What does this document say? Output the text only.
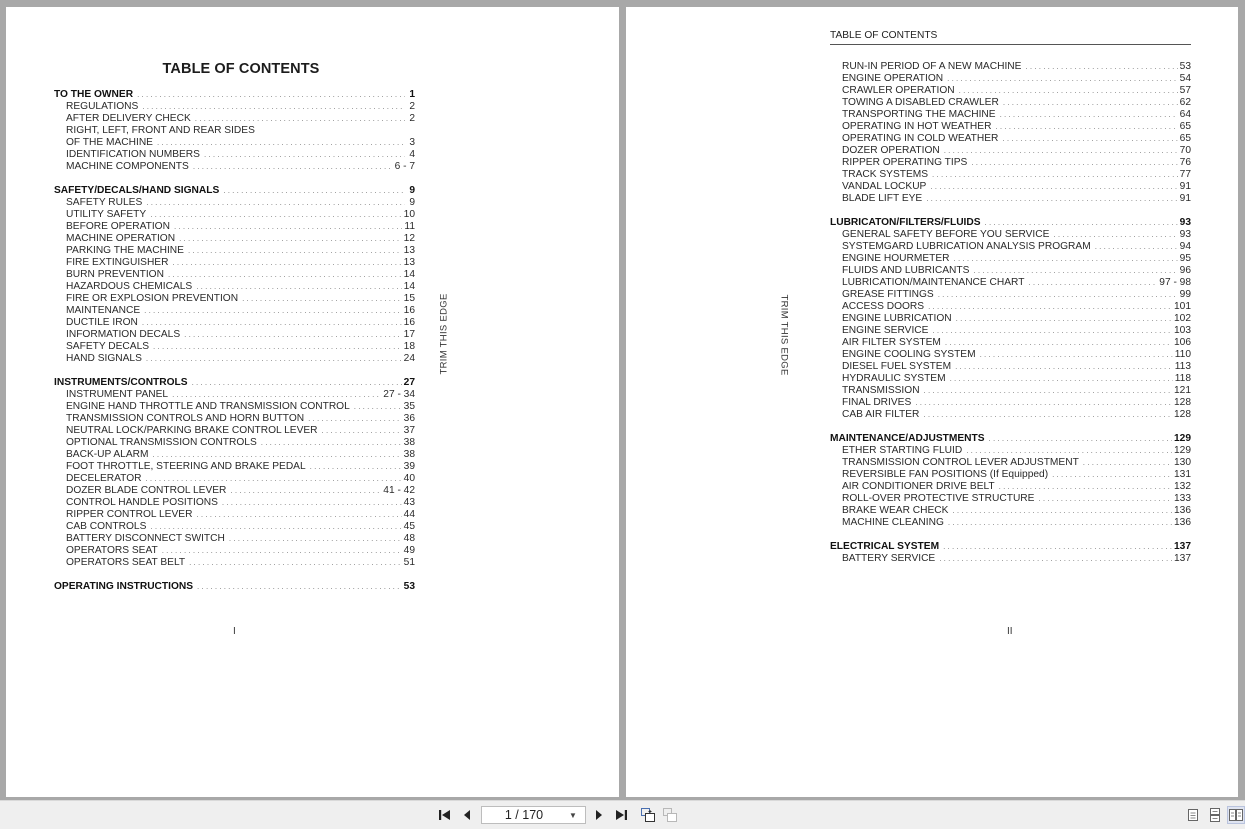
TABLE OF CONTENTS
TO THE OWNER . . .	1
REGULATIONS . . .	2
AFTER DELIVERY CHECK . . .	2
RIGHT, LEFT, FRONT AND REAR SIDES
OF THE MACHINE . . .	3
IDENTIFICATION NUMBERS . . .	4
MACHINE COMPONENTS . . .	6 - 7
SAFETY/DECALS/HAND SIGNALS . . .	9
SAFETY RULES . . .	9
UTILITY SAFETY . . .	10
BEFORE OPERATION . . .	11
MACHINE OPERATION . . .	12
PARKING THE MACHINE . . .	13
FIRE EXTINGUISHER . . .	13
BURN PREVENTION . . .	14
HAZARDOUS CHEMICALS . . .	14
FIRE OR EXPLOSION PREVENTION . . .	15
MAINTENANCE . . .	16
DUCTILE IRON . . .	16
INFORMATION DECALS . . .	17
SAFETY DECALS . . .	18
HAND SIGNALS . . .	24
INSTRUMENTS/CONTROLS . . .	27
INSTRUMENT PANEL . . .	27 - 34
ENGINE HAND THROTTLE AND TRANSMISSION CONTROL . . .	35
TRANSMISSION CONTROLS AND HORN BUTTON . . .	36
NEUTRAL LOCK/PARKING BRAKE CONTROL LEVER . . .	37
OPTIONAL TRANSMISSION CONTROLS . . .	38
BACK-UP ALARM . . .	38
FOOT THROTTLE, STEERING AND BRAKE PEDAL . . .	39
DECELERATOR . . .	40
DOZER BLADE CONTROL LEVER . . .	41 - 42
CONTROL HANDLE POSITIONS . . .	43
RIPPER CONTROL LEVER . . .	44
CAB CONTROLS . . .	45
BATTERY DISCONNECT SWITCH . . .	48
OPERATORS SEAT . . .	49
OPERATORS SEAT BELT . . .	51
OPERATING INSTRUCTIONS . . .	53
TRIM THIS EDGE
I
TABLE OF CONTENTS
RUN-IN PERIOD OF A NEW MACHINE . . .	53
ENGINE OPERATION . . .	54
CRAWLER OPERATION . . .	57
TOWING A DISABLED CRAWLER . . .	62
TRANSPORTING THE MACHINE . . .	64
OPERATING IN HOT WEATHER . . .	65
OPERATING IN COLD WEATHER . . .	65
DOZER OPERATION . . .	70
RIPPER OPERATING TIPS . . .	76
TRACK SYSTEMS . . .	77
VANDAL LOCKUP . . .	91
BLADE LIFT EYE . . .	91
LUBRICATON/FILTERS/FLUIDS . . .	93
GENERAL SAFETY BEFORE YOU SERVICE . . .	93
SYSTEMGARD LUBRICATION ANALYSIS PROGRAM . . .	94
ENGINE HOURMETER . . .	95
FLUIDS AND LUBRICANTS . . .	96
LUBRICATION/MAINTENANCE CHART . . .	97 - 98
GREASE FITTINGS . . .	99
ACCESS DOORS . . .	101
ENGINE LUBRICATION . . .	102
ENGINE SERVICE . . .	103
AIR FILTER SYSTEM . . .	106
ENGINE COOLING SYSTEM . . .	110
DIESEL FUEL SYSTEM . . .	113
HYDRAULIC SYSTEM . . .	118
TRANSMISSION . . .	121
FINAL DRIVES . . .	128
CAB AIR FILTER . . .	128
MAINTENANCE/ADJUSTMENTS . . .	129
ETHER STARTING FLUID . . .	129
TRANSMISSION CONTROL LEVER ADJUSTMENT . . .	130
REVERSIBLE FAN POSITIONS (If Equipped) . . .	131
AIR CONDITIONER DRIVE BELT . . .	132
ROLL-OVER PROTECTIVE STRUCTURE . . .	133
BRAKE WEAR CHECK . . .	136
MACHINE CLEANING . . .	136
ELECTRICAL SYSTEM . . .	137
BATTERY SERVICE . . .	137
TRIM THIS EDGE
II
1 / 170
▼
